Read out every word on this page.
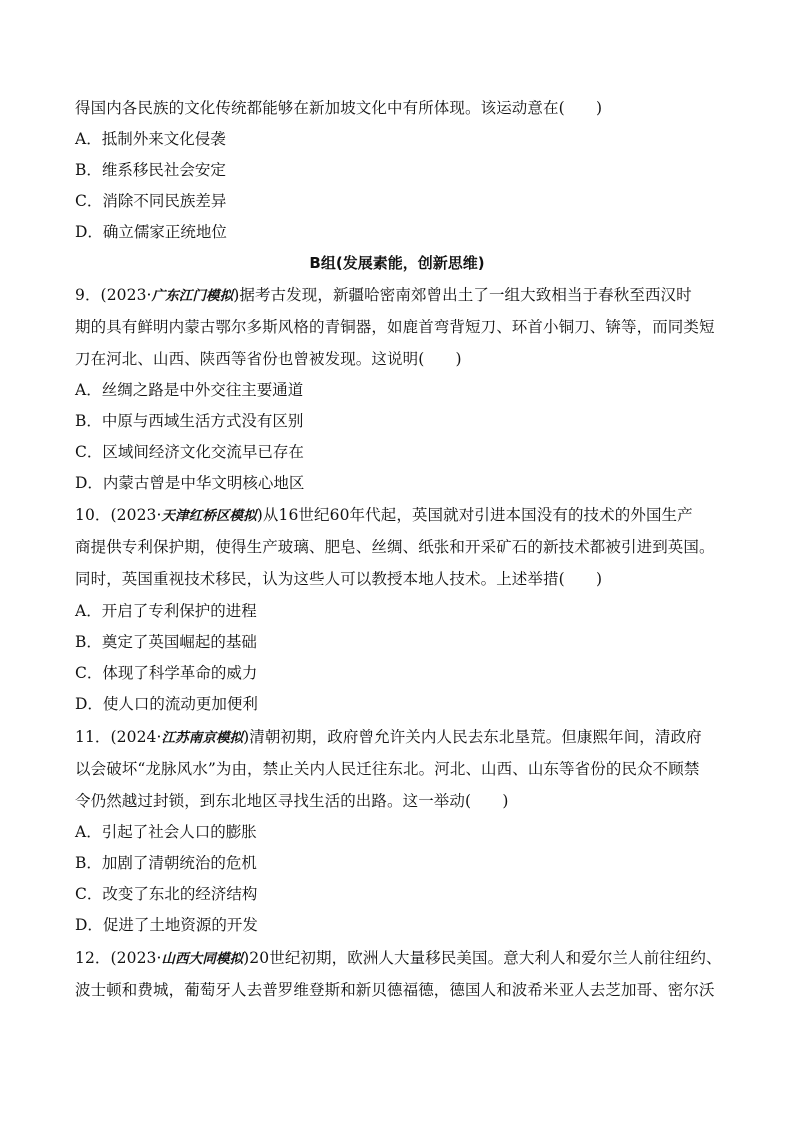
得国内各民族的文化传统都能够在新加坡文化中有所体现。该运动意在(　　)
A．抵制外来文化侵袭
B．维系移民社会安定
C．消除不同民族差异
D．确立儒家正统地位
B组(发展素能，创新思维)
9．(2023·广东江门模拟)据考古发现，新疆哈密南郊曾出土了一组大致相当于春秋至西汉时
期的具有鲜明内蒙古鄂尔多斯风格的青铜器，如鹿首弯背短刀、环首小铜刀、锛等，而同类短
刀在河北、山西、陕西等省份也曾被发现。这说明(　　)
A．丝绸之路是中外交往主要通道
B．中原与西域生活方式没有区别
C．区域间经济文化交流早已存在
D．内蒙古曾是中华文明核心地区
10．(2023·天津红桥区模拟)从16世纪60年代起，英国就对引进本国没有的技术的外国生产
商提供专利保护期，使得生产玻璃、肥皂、丝绸、纸张和开采矿石的新技术都被引进到英国。
同时，英国重视技术移民，认为这些人可以教授本地人技术。上述举措(　　)
A．开启了专利保护的进程
B．奠定了英国崛起的基础
C．体现了科学革命的威力
D．使人口的流动更加便利
11．(2024·江苏南京模拟)清朝初期，政府曾允许关内人民去东北垦荒。但康熙年间，清政府
以会破坏“龙脉风水”为由，禁止关内人民迁往东北。河北、山西、山东等省份的民众不顾禁
令仍然越过封锁，到东北地区寻找生活的出路。这一举动(　　)
A．引起了社会人口的膨胀
B．加剧了清朝统治的危机
C．改变了东北的经济结构
D．促进了土地资源的开发
12．(2023·山西大同模拟)20世纪初期，欧洲人大量移民美国。意大利人和爱尔兰人前往纽约、
波士顿和费城，葡萄牙人去普罗维登斯和新贝德福德，德国人和波希米亚人去芝加哥、密尔沃
